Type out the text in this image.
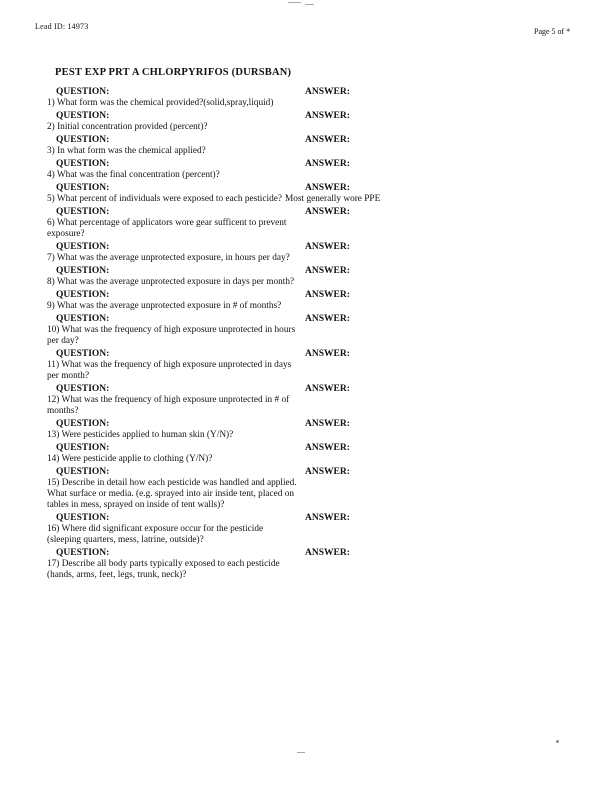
Lead ID: 14973
Page 5 of *
PEST EXP PRT A CHLORPYRIFOS (DURSBAN)
QUESTION:
1) What form was the chemical provided?(solid,spray,liquid)
ANSWER:
QUESTION:
2) Initial concentration provided (percent)?
ANSWER:
QUESTION:
3) In what form was the chemical applied?
ANSWER:
QUESTION:
4) What was the final concentration (percent)?
ANSWER:
QUESTION:
5) What percent of individuals were exposed to each pesticide?
ANSWER:
Most generally wore PPE
QUESTION:
6) What percentage of applicators wore gear sufficent to prevent exposure?
ANSWER:
QUESTION:
7) What was the average unprotected exposure, in hours per day?
ANSWER:
QUESTION:
8) What was the average unprotected exposure in days per month?
ANSWER:
QUESTION:
9) What was the average unprotected exposure in # of months?
ANSWER:
QUESTION:
10) What was the frequency of high exposure unprotected in hours per day?
ANSWER:
QUESTION:
11) What was the frequency of high exposure unprotected in days per month?
ANSWER:
QUESTION:
12) What was the frequency of high exposure unprotected in # of months?
ANSWER:
QUESTION:
13) Were pesticides applied to human skin (Y/N)?
ANSWER:
QUESTION:
14) Were pesticide applie to clothing (Y/N)?
ANSWER:
QUESTION:
15) Describe in detail how each pesticide was handled and applied. What surface or media. (e.g. sprayed into air inside tent, placed on tables in mess, sprayed on inside of tent walls)?
ANSWER:
QUESTION:
16) Where did significant exposure occur for the pesticide (sleeping quarters, mess, latrine, outside)?
ANSWER:
QUESTION:
17) Describe all body parts typically exposed to each pesticide (hands, arms, feet, legs, trunk, neck)?
ANSWER:
